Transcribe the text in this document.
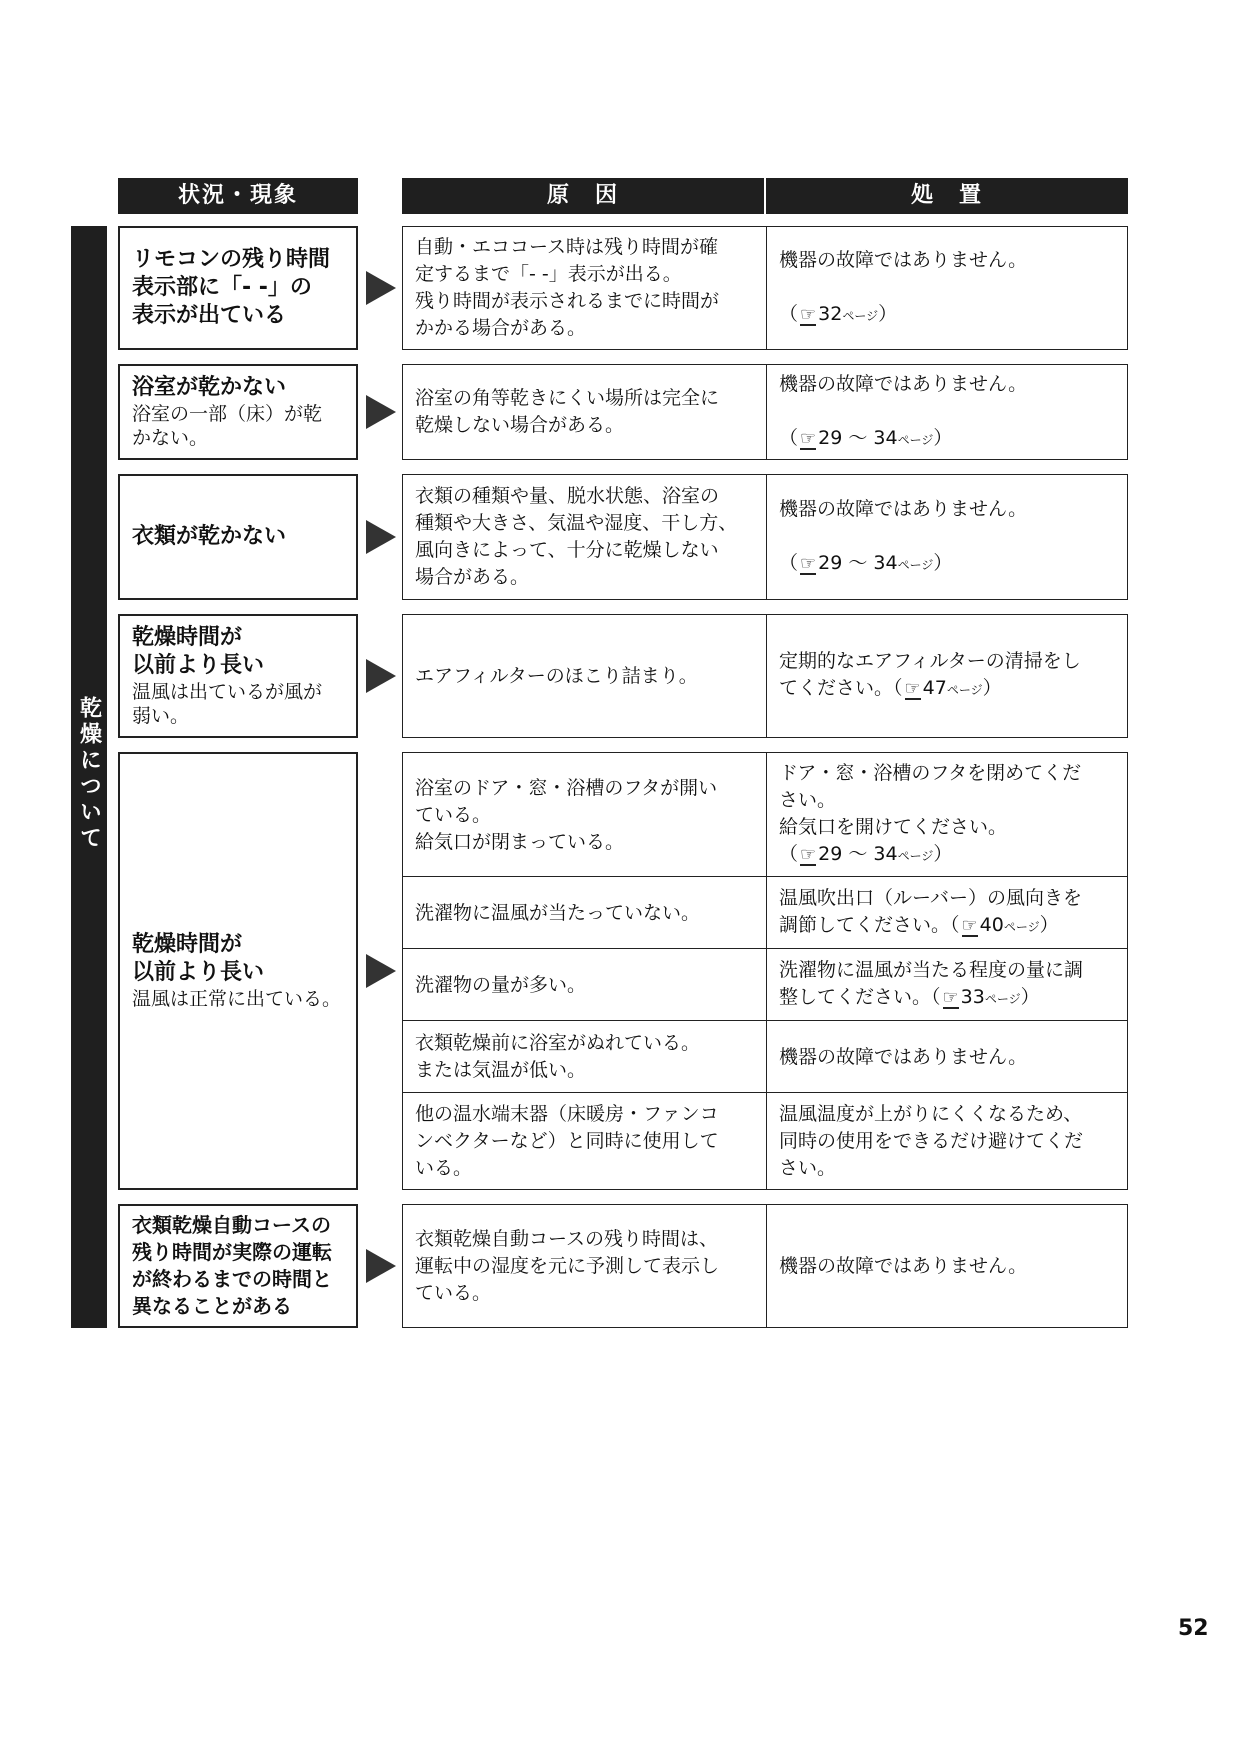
状況・現象	原　因	処　置
乾燥について
リモコンの残り時間
表示部に「- -」の
表示が出ている
自動・エココース時は残り時間が確
定するまで「- -」表示が出る。
残り時間が表示されるまでに時間が
かかる場合がある。

機器の故障ではありません。

（ ☞ 32ページ）

浴室が乾かない
浴室の一部（床）が乾
かない。
浴室の角等乾きにくい場所は完全に
乾燥しない場合がある。

機器の故障ではありません。

（ ☞ 29 ～ 34ページ）

衣類が乾かない
衣類の種類や量、脱水状態、浴室の
種類や大きさ、気温や湿度、干し方、
風向きによって、十分に乾燥しない
場合がある。

機器の故障ではありません。

（ ☞ 29 ～ 34ページ）

乾燥時間が
以前より長い
温風は出ているが風が
弱い。
エアフィルターのほこり詰まり。
定期的なエアフィルターの清掃をし
てください。（ ☞ 47ページ）
乾燥時間が
以前より長い
温風は正常に出ている。
浴室のドア・窓・浴槽のフタが開い
ている。
給気口が閉まっている。
ドア・窓・浴槽のフタを閉めてくだ
さい。
給気口を開けてください。
（ ☞ 29 ～ 34ページ）
洗濯物に温風が当たっていない。
温風吹出口（ルーバー）の風向きを
調節してください。（ ☞ 40ページ）
洗濯物の量が多い。
洗濯物に温風が当たる程度の量に調
整してください。（ ☞ 33ページ）
衣類乾燥前に浴室がぬれている。
または気温が低い。
機器の故障ではありません。
他の温水端末器（床暖房・ファンコ
ンベクターなど）と同時に使用して
いる。
温風温度が上がりにくくなるため、
同時の使用をできるだけ避けてくだ
さい。
衣類乾燥自動コースの
残り時間が実際の運転
が終わるまでの時間と
異なることがある
衣類乾燥自動コースの残り時間は、
運転中の湿度を元に予測して表示し
ている。
機器の故障ではありません。
52
